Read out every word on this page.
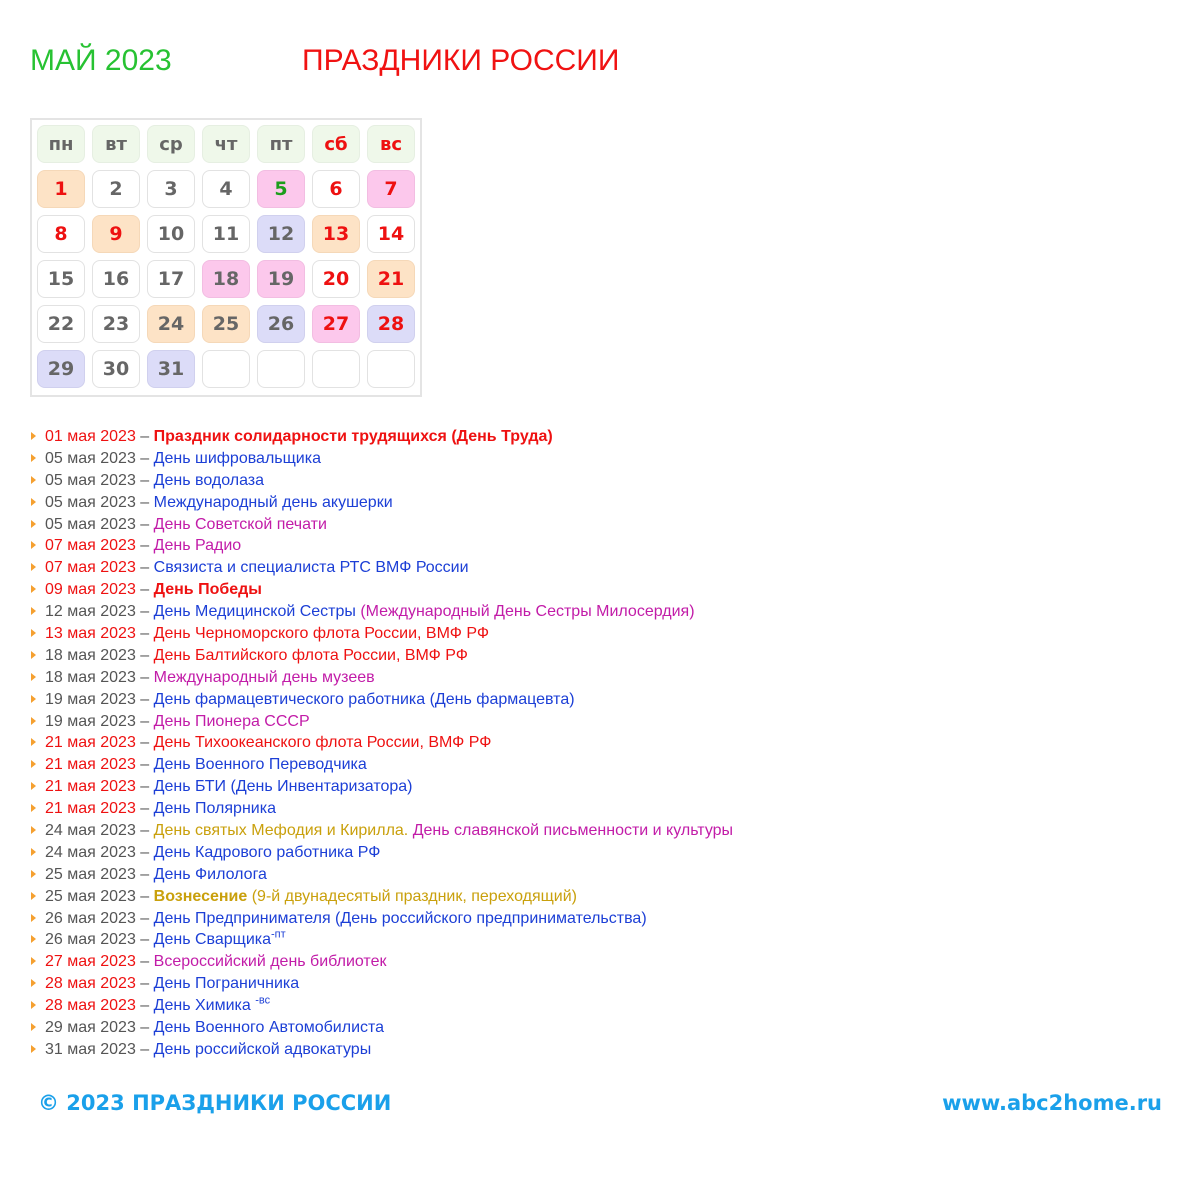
МАЙ 2023	ПРАЗДНИКИ РОССИИ
пн	вт	ср	чт	пт	сб	вс
1	2	3	4	5	6	7
8	9	10	11	12	13	14
15	16	17	18	19	20	21
22	23	24	25	26	27	28
29	30	31
01 мая 2023 – Праздник солидарности трудящихся (День Труда)
05 мая 2023 – День шифровальщика
05 мая 2023 – День водолаза
05 мая 2023 – Международный день акушерки
05 мая 2023 – День Советской печати
07 мая 2023 – День Радио
07 мая 2023 – Связиста и специалиста РТС ВМФ России
09 мая 2023 – День Победы
12 мая 2023 – День Медицинской Сестры (Международный День Сестры Милосердия)
13 мая 2023 – День Черноморского флота России, ВМФ РФ
18 мая 2023 – День Балтийского флота России, ВМФ РФ
18 мая 2023 – Международный день музеев
19 мая 2023 – День фармацевтического работника (День фармацевта)
19 мая 2023 – День Пионера СССР
21 мая 2023 – День Тихоокеанского флота России, ВМФ РФ
21 мая 2023 – День Военного Переводчика
21 мая 2023 – День БТИ (День Инвентаризатора)
21 мая 2023 – День Полярника
24 мая 2023 – День святых Мефодия и Кирилла. День славянской письменности и культуры
24 мая 2023 – День Кадрового работника РФ
25 мая 2023 – День Филолога
25 мая 2023 – Вознесение (9-й двунадесятый праздник, переходящий)
26 мая 2023 – День Предпринимателя (День российского предпринимательства)
26 мая 2023 – День Сварщика$^{-пт}$
27 мая 2023 – Всероссийский день библиотек
28 мая 2023 – День Пограничника
28 мая 2023 – День Химика $^{-вс}$
29 мая 2023 – День Военного Автомобилиста
31 мая 2023 – День российской адвокатуры
© 2023 ПРАЗДНИКИ РОССИИ	www.abc2home.ru
